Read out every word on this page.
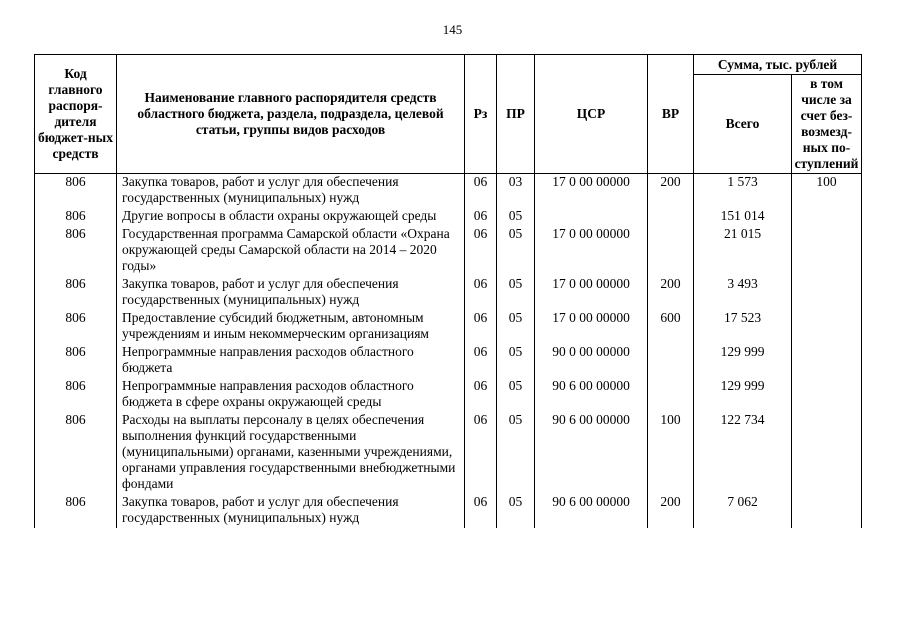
145
Код главного распоря-дителя бюджет-ных средств	Наименование главного распорядителя средств областного бюджета, раздела, подраздела, целевой статьи, группы видов расходов	Рз	ПР	ЦСР	ВР	Сумма, тыс. рублей	
						Всего	в том числе за счет без-возмезд-ных по-ступлений
806	Закупка товаров, работ и услуг для обеспечения государственных (муниципальных) нужд	06	03	17 0 00 00000	200	1 573	100
806	Другие вопросы в области охраны окружающей среды	06	05			151 014	
806	Государственная программа Самарской области «Охрана окружающей среды Самарской области на 2014 – 2020 годы»	06	05	17 0 00 00000		21 015	
806	Закупка товаров, работ и услуг для обеспечения государственных (муниципальных) нужд	06	05	17 0 00 00000	200	3 493	
806	Предоставление субсидий бюджетным, автономным учреждениям и иным некоммерческим организациям	06	05	17 0 00 00000	600	17 523	
806	Непрограммные направления расходов областного бюджета	06	05	90 0 00 00000		129 999	
806	Непрограммные направления расходов областного бюджета в сфере охраны окружающей среды	06	05	90 6 00 00000		129 999	
806	Расходы на выплаты персоналу в целях обеспечения выполнения функций государственными (муниципальными) органами, казенными учреждениями, органами управления государственными внебюджетными фондами	06	05	90 6 00 00000	100	122 734	
806	Закупка товаров, работ и услуг для обеспечения государственных (муниципальных) нужд	06	05	90 6 00 00000	200	7 062	
